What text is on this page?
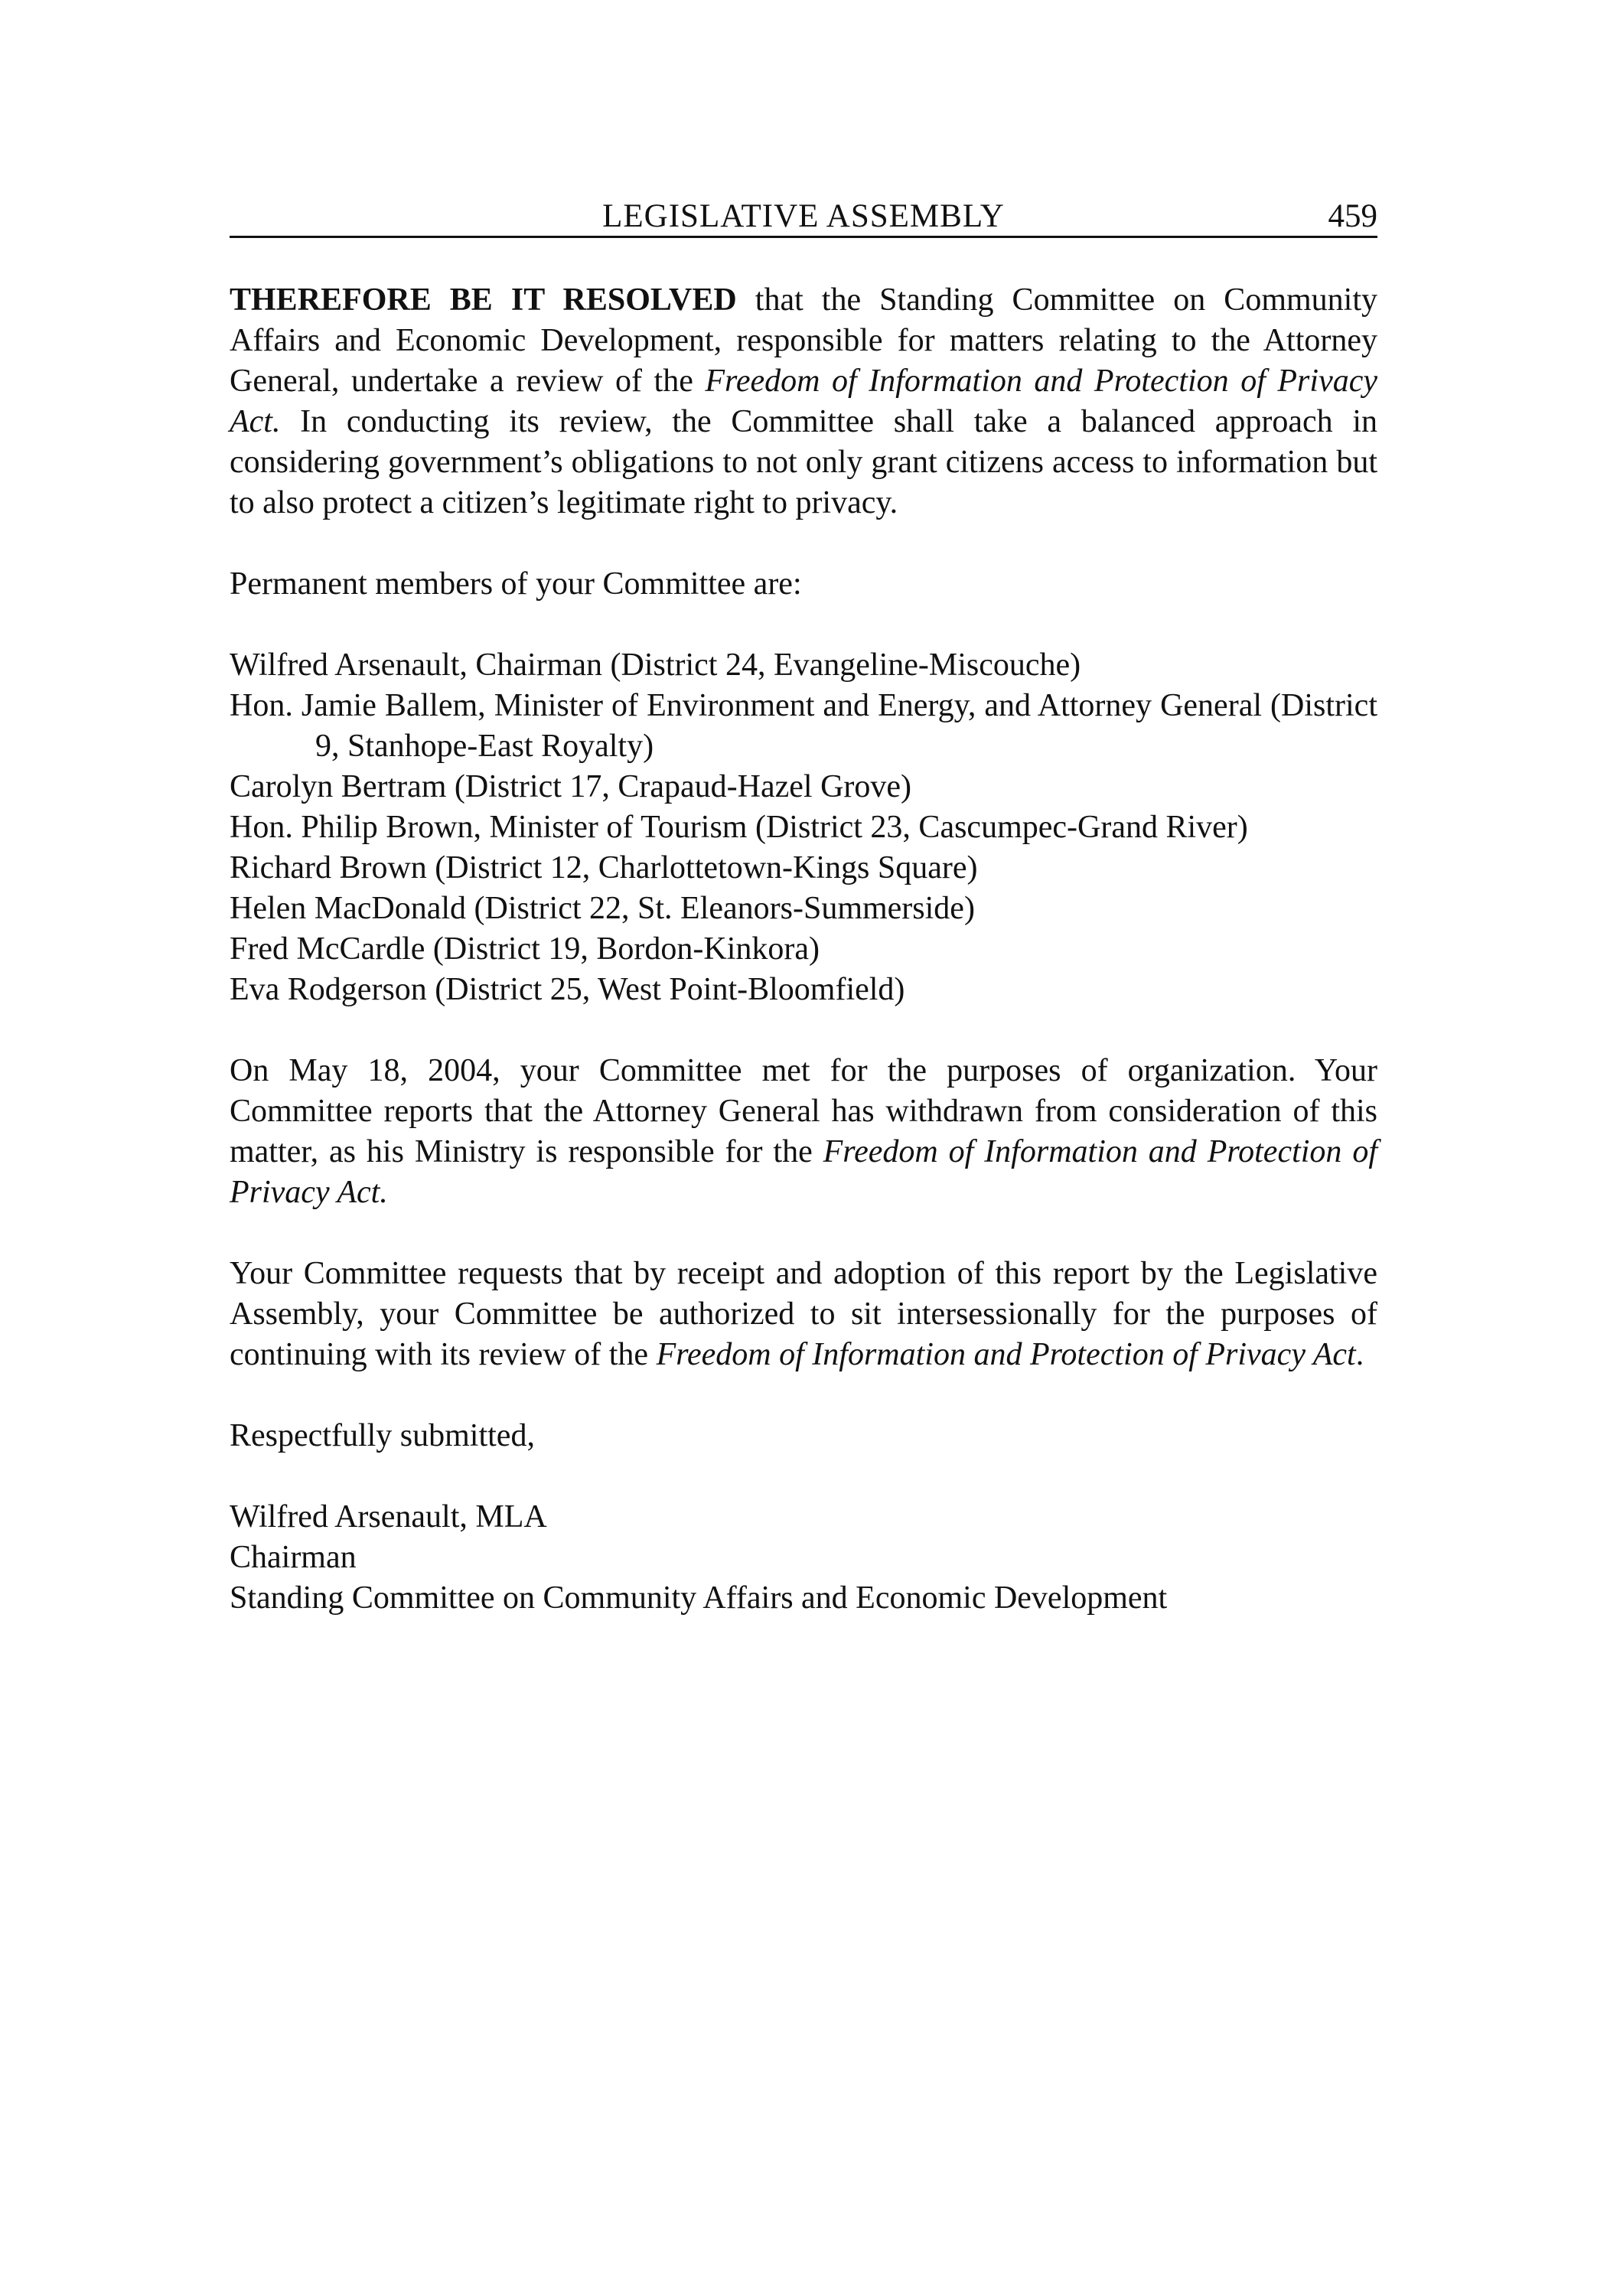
LEGISLATIVE ASSEMBLY	459

THEREFORE BE IT RESOLVED that the Standing Committee on Community Affairs and Economic Development, responsible for matters relating to the Attorney General, undertake a review of the Freedom of Information and Protection of Privacy Act. In conducting its review, the Committee shall take a balanced approach in considering government’s obligations to not only grant citizens access to information but to also protect a citizen’s legitimate right to privacy.

Permanent members of your Committee are:

Wilfred Arsenault, Chairman (District 24, Evangeline-Miscouche)
Hon. Jamie Ballem, Minister of Environment and Energy, and Attorney General (District 9, Stanhope-East Royalty)
Carolyn Bertram (District 17, Crapaud-Hazel Grove)
Hon. Philip Brown, Minister of Tourism (District 23, Cascumpec-Grand River)
Richard Brown (District 12, Charlottetown-Kings Square)
Helen MacDonald (District 22, St. Eleanors-Summerside)
Fred McCardle (District 19, Bordon-Kinkora)
Eva Rodgerson (District 25, West Point-Bloomfield)

On May 18, 2004, your Committee met for the purposes of organization. Your Committee reports that the Attorney General has withdrawn from consideration of this matter, as his Ministry is responsible for the Freedom of Information and Protection of Privacy Act.

Your Committee requests that by receipt and adoption of this report by the Legislative Assembly, your Committee be authorized to sit intersessionally for the purposes of continuing with its review of the Freedom of Information and Protection of Privacy Act.

Respectfully submitted,

Wilfred Arsenault, MLA
Chairman
Standing Committee on Community Affairs and Economic Development
